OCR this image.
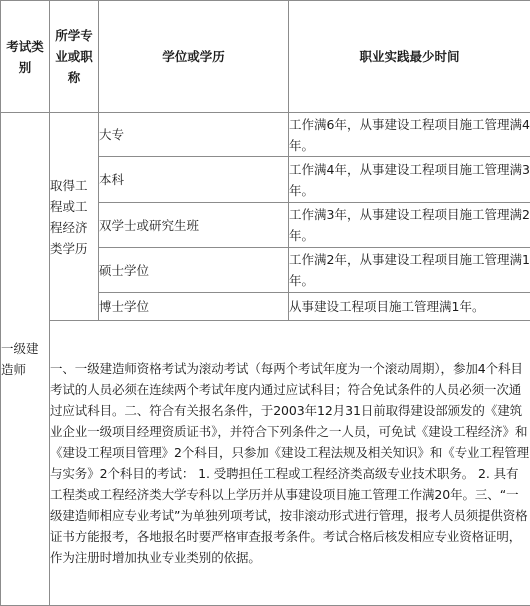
考试类别	所学专业或职称	学位或学历	职业实践最少时间
一级建造师	取得工程或工程经济类学历	大专	工作满6年，从事建设工程项目施工管理满4年。
		本科	工作满4年，从事建设工程项目施工管理满3年。
		双学士或研究生班	工作满3年，从事建设工程项目施工管理满2年。
		硕士学位	工作满2年，从事建设工程项目施工管理满1年。
		博士学位	从事建设工程项目施工管理满1年。
	一、一级建造师资格考试为滚动考试（每两个考试年度为一个滚动周期），参加4个科目考试的人员必须在连续两个考试年度内通过应试科目；符合免试条件的人员必须一次通过应试科目。二、符合有关报名条件，于2003年12月31日前取得建设部颁发的《建筑业企业一级项目经理资质证书》，并符合下列条件之一人员，可免试《建设工程经济》和《建设工程项目管理》2个科目，只参加《建设工程法规及相关知识》和《专业工程管理与实务》2个科目的考试： 1. 受聘担任工程或工程经济类高级专业技术职务。 2. 具有工程类或工程经济类大学专科以上学历并从事建设项目施工管理工作满20年。三、“一级建造师相应专业考试”为单独列项考试，按非滚动形式进行管理，报考人员须提供资格证书方能报考，各地报名时要严格审查报考条件。考试合格后核发相应专业资格证明，作为注册时增加执业专业类别的依据。		
